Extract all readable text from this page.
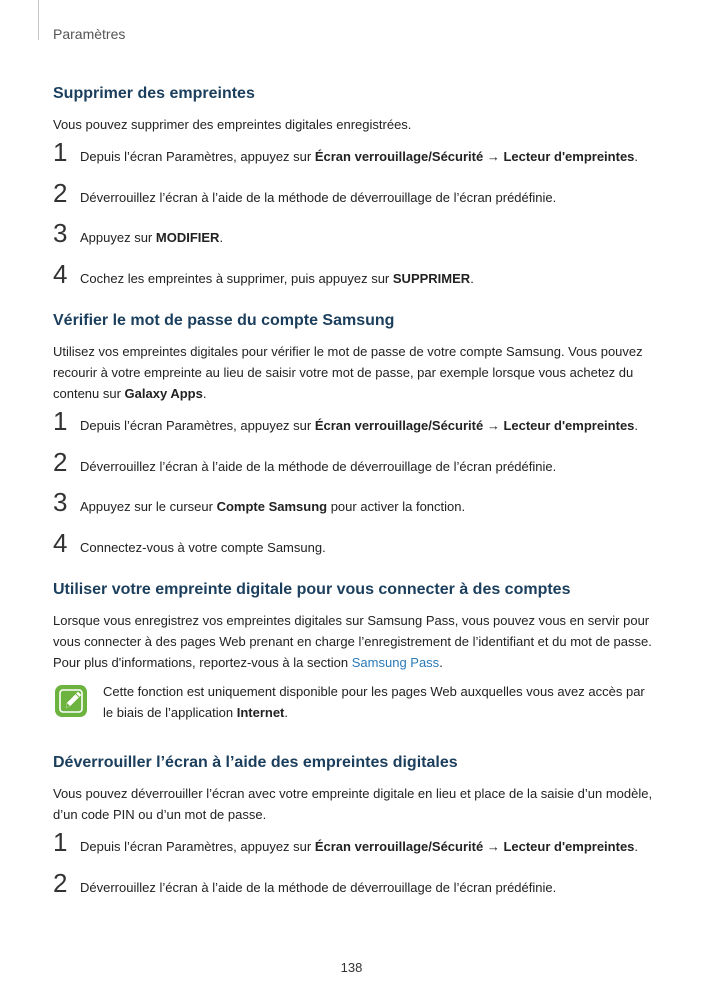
Paramètres
Supprimer des empreintes

Vous pouvez supprimer des empreintes digitales enregistrées.

1 Depuis l’écran Paramètres, appuyez sur Écran verrouillage/Sécurité → Lecteur d'empreintes.
2 Déverrouillez l’écran à l’aide de la méthode de déverrouillage de l’écran prédéfinie.
3 Appuyez sur MODIFIER.
4 Cochez les empreintes à supprimer, puis appuyez sur SUPPRIMER.
Vérifier le mot de passe du compte Samsung

Utilisez vos empreintes digitales pour vérifier le mot de passe de votre compte Samsung. Vous pouvez recourir à votre empreinte au lieu de saisir votre mot de passe, par exemple lorsque vous achetez du contenu sur Galaxy Apps.

1 Depuis l’écran Paramètres, appuyez sur Écran verrouillage/Sécurité → Lecteur d'empreintes.
2 Déverrouillez l’écran à l’aide de la méthode de déverrouillage de l’écran prédéfinie.
3 Appuyez sur le curseur Compte Samsung pour activer la fonction.
4 Connectez-vous à votre compte Samsung.
Utiliser votre empreinte digitale pour vous connecter à des comptes

Lorsque vous enregistrez vos empreintes digitales sur Samsung Pass, vous pouvez vous en servir pour vous connecter à des pages Web prenant en charge l’enregistrement de l’identifiant et du mot de passe. Pour plus d'informations, reportez-vous à la section Samsung Pass.

Cette fonction est uniquement disponible pour les pages Web auxquelles vous avez accès par le biais de l’application Internet.
Déverrouiller l’écran à l’aide des empreintes digitales

Vous pouvez déverrouiller l’écran avec votre empreinte digitale en lieu et place de la saisie d’un modèle, d’un code PIN ou d’un mot de passe.

1 Depuis l’écran Paramètres, appuyez sur Écran verrouillage/Sécurité → Lecteur d'empreintes.
2 Déverrouillez l’écran à l’aide de la méthode de déverrouillage de l’écran prédéfinie.
138
